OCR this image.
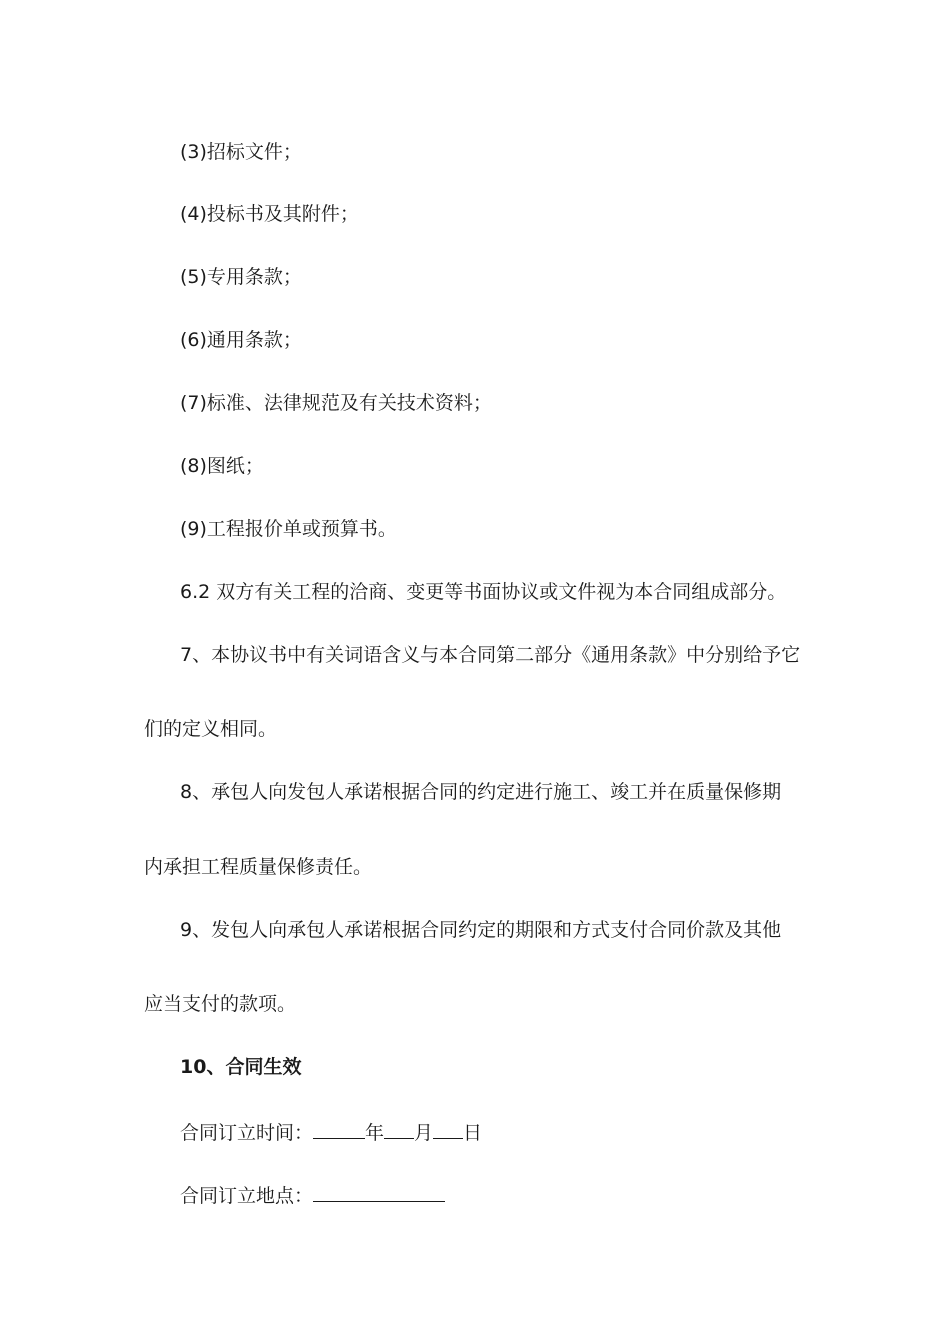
(3)招标文件；
(4)投标书及其附件；
(5)专用条款；
(6)通用条款；
(7)标准、法律规范及有关技术资料；
(8)图纸；
(9)工程报价单或预算书。
6.2 双方有关工程的洽商、变更等书面协议或文件视为本合同组成部分。
7、本协议书中有关词语含义与本合同第二部分《通用条款》中分别给予它
们的定义相同。
8、承包人向发包人承诺根据合同的约定进行施工、竣工并在质量保修期
内承担工程质量保修责任。
9、发包人向承包人承诺根据合同约定的期限和方式支付合同价款及其他
应当支付的款项。
10、合同生效
合同订立时间：	年 月 日
合同订立地点：
